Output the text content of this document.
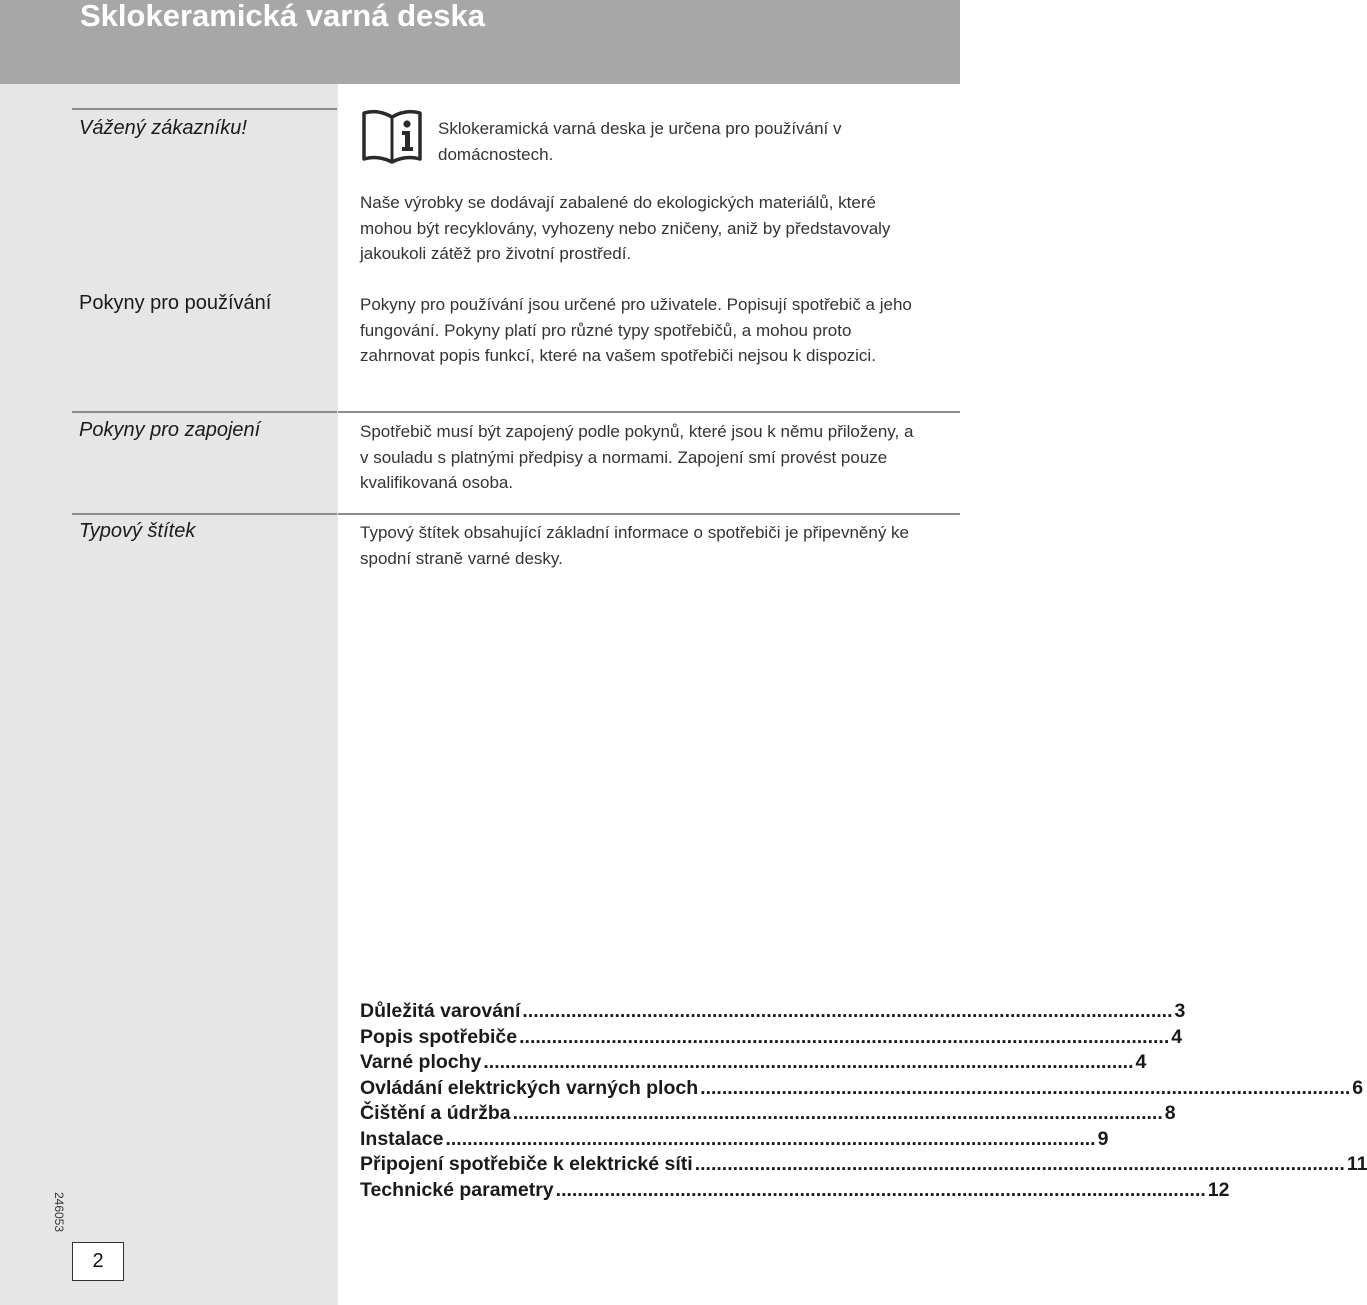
Sklokeramická varná deska
Vážený zákazníku!
Pokyny pro používání
Pokyny pro zapojení
Typový štítek
Sklokeramická varná deska je určena pro používání v domácnostech.
Naše výrobky se dodávají zabalené do ekologických materiálů, které mohou být recyklovány, vyhozeny nebo zničeny, aniž by představovaly jakoukoli zátěž pro životní prostředí.
Pokyny pro používání jsou určené pro uživatele. Popisují spotřebič a jeho fungování. Pokyny platí pro různé typy spotřebičů, a mohou proto zahrnovat popis funkcí, které na vašem spotřebiči nejsou k dispozici.
Spotřebič musí být zapojený podle pokynů, které jsou k němu přiloženy, a v souladu s platnými předpisy a normami. Zapojení smí provést pouze kvalifikovaná osoba.
Typový štítek obsahující základní informace o spotřebiči je připevněný ke spodní straně varné desky.
Důležitá varování ........................................................................................................................ 3
Popis spotřebiče ........................................................................................................................ 4
Varné plochy ........................................................................................................................ 4
Ovládání elektrických varných ploch ........................................................................................................................ 6
Čištění a údržba ........................................................................................................................ 8
Instalace ........................................................................................................................ 9
Připojení spotřebiče k elektrické síti ........................................................................................................................ 11
Technické parametry ........................................................................................................................ 12
246053
2
